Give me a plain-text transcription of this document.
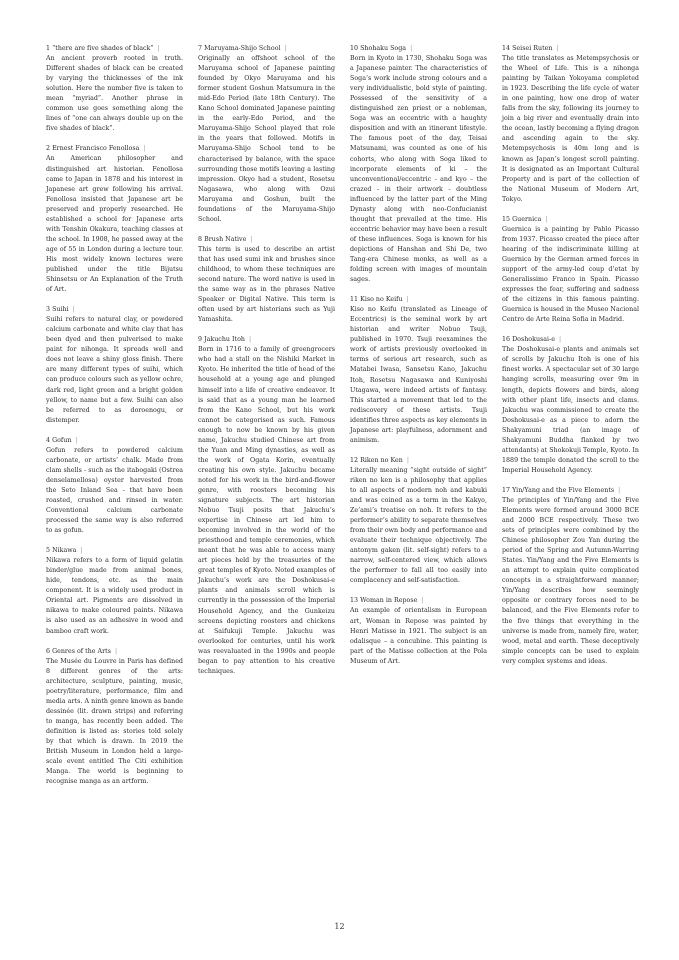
1 “there are five shades of black” |
An ancient proverb rooted in truth. Different shades of black can be created by varying the thicknesses of the ink solution. Here the number five is taken to mean “myriad”. Another phrase in common use goes something along the lines of “one can always double up on the five shades of black”.
2 Ernest Francisco Fenollosa |
An American philosopher and distinguished art historian. Fenollosa came to Japan in 1878 and his interest in Japanese art grew following his arrival. Fenollosa insisted that Japanese art be preserved and properly researched. He established a school for Japanese arts with Tenshin Okakura, teaching classes at the school. In 1908, he passed away at the age of 55 in London during a lecture tour. His most widely known lectures were published under the title Bijutsu Shinsetsu or An Explanation of the Truth of Art.
3 Suihi |
Suihi refers to natural clay, or powdered calcium carbonate and white clay that has been dyed and then pulverised to make paint for nihonga. It spreads well and does not leave a shiny gloss finish. There are many different types of suihi, which can produce colours such as yellow ochre, dark red, light green and a bright golden yellow, to name but a few. Suihi can also be referred to as doroenogu, or distemper.
4 Gofun |
Gofun refers to powdered calcium carbonate, or artists’ chalk. Made from clam shells - such as the itabogaki (Ostrea denselamellosa) oyster harvested from the Seto Inland Sea - that have been roasted, crushed and rinsed in water. Conventional calcium carbonate processed the same way is also referred to as gofun.
5 Nikawa |
Nikawa refers to a form of liquid gelatin binder/glue made from animal bones, hide, tendons, etc. as the main component. It is a widely used product in Oriental art. Pigments are dissolved in nikawa to make coloured paints. Nikawa is also used as an adhesive in wood and bamboo craft work.
6 Genres of the Arts |
The Musée du Louvre in Paris has defined 8 different genres of the arts: architecture, sculpture, painting, music, poetry/literature, performance, film and media arts. A ninth genre known as bande dessinée (lit. drawn strips) and referring to manga, has recently been added. The definition is listed as: stories told solely by that which is drawn. In 2019 the British Museum in London held a large-scale event entitled The Citi exhibition Manga. The world is beginning to recognise manga as an artform.
7 Maruyama-Shijo School |
Originally an offshoot school of the Maruyama school of Japanese painting founded by Okyo Maruyama and his former student Goshun Matsumura in the mid-Edo Period (late 18th Century). The Kano School dominated Japanese painting in the early-Edo Period, and the Maruyama-Shijo School played that role in the years that followed. Motifs in Maruyama-Shijo School tend to be characterised by balance, with the space surrounding those motifs leaving a lasting impression. Okyo had a student, Rosetsu Nagasawa, who along with Ozui Maruyama and Goshun, built the foundations of the Maruyama-Shijo School.
8 Brush Native |
This term is used to describe an artist that has used sumi ink and brushes since childhood, to whom these techniques are second nature. The word native is used in the same way as in the phrases Native Speaker or Digital Native. This term is often used by art historians such as Yuji Yamashita.
9 Jakuchu Itoh |
Born in 1716 to a family of greengrocers who had a stall on the Nishiki Market in Kyoto. He inherited the title of head of the household at a young age and plunged himself into a life of creative endeavor. It is said that as a young man he learned from the Kano School, but his work cannot be categorised as such. Famous enough to now be known by his given name, Jakuchu studied Chinese art from the Yuan and Ming dynasties, as well as the work of Ogata Korin, eventually creating his own style. Jakuchu became noted for his work in the bird-and-flower genre, with roosters becoming his signature subjects. The art historian Nobuo Tsuji posits that Jakuchu’s expertise in Chinese art led him to becoming involved in the world of the priesthood and temple ceremonies, which meant that he was able to access many art pieces held by the treasuries of the great temples of Kyoto. Noted examples of Jakuchu’s work are the Doshokusai-e plants and animals scroll which is currently in the possession of the Imperial Household Agency, and the Gunkeizu screens depicting roosters and chickens at Saifukuji Temple. Jakuchu was overlooked for centuries, until his work was reevaluated in the 1990s and people began to pay attention to his creative techniques.
10 Shohaku Soga |
Born in Kyoto in 1730, Shohaku Soga was a Japanese painter. The characteristics of Soga’s work include strong colours and a very individualistic, bold style of painting. Possessed of the sensitivity of a distinguished zen priest or a nobleman, Soga was an eccentric with a haughty disposition and with an itinerant lifestyle. The famous poet of the day, Teisai Matsunami, was counted as one of his cohorts, who along with Soga liked to incorporate elements of ki – the unconventional/eccentric - and kyo – the crazed - in their artwork - doubtless influenced by the latter part of the Ming Dynasty along with neo-Confucianist thought that prevailed at the time. His eccentric behavior may have been a result of these influences. Soga is known for his depictions of Hanshan and Shi De, two Tang-era Chinese monks, as well as a folding screen with images of mountain sages.
11 Kiso no Keifu |
Kiso no Keifu (translated as Lineage of Eccentrics) is the seminal work by art historian and writer Nobuo Tsuji, published in 1970. Tsuji reexamines the work of artists previously overlooked in terms of serious art research, such as Matabei Iwasa, Sansetsu Kano, Jakuchu Itoh, Rosetsu Nagasawa and Kuniyoshi Utagawa, were indeed artists of fantasy. This started a movement that led to the rediscovery of these artists. Tsuji identifies three aspects as key elements in Japanese art: playfulness, adornment and animism.
12 Riken no Ken |
Literally meaning “sight outside of sight” riken no ken is a philosophy that applies to all aspects of modern noh and kabuki and was coined as a term in the Kakyo, Ze’ami’s treatise on noh. It refers to the performer’s ability to separate themselves from their own body and performance and evaluate their technique objectively. The antonym gaken (lit. self-sight) refers to a narrow, self-centered view, which allows the performer to fall all too easily into complacency and self-satisfaction.
13 Woman in Repose |
An example of orientalism in European art, Woman in Repose was painted by Henri Matisse in 1921. The subject is an odalisque – a concubine. This painting is part of the Matisse collection at the Pola Museum of Art.
14 Seisei Ruten |
The title translates as Metempsychosis or the Wheel of Life. This is a nihonga painting by Taikan Yokoyama completed in 1923. Describing the life cycle of water in one painting, how one drop of water falls from the sky, following its journey to join a big river and eventually drain into the ocean, lastly becoming a flying dragon and ascending again to the sky. Metempsychosis is 40m long and is known as Japan’s longest scroll painting. It is designated as an Important Cultural Property and is part of the collection of the National Museum of Modern Art, Tokyo.
15 Guernica |
Guernica is a painting by Pablo Picasso from 1937. Picasso created the piece after hearing of the indiscriminate killing at Guernica by the German armed forces in support of the army-led coup d’etat by Generalissimo Franco in Spain. Picasso expresses the fear, suffering and sadness of the citizens in this famous painting. Guernica is housed in the Museo Nacional Centro de Arte Reina Sofia in Madrid.
16 Doshokusai-e |
The Doshokusai-e plants and animals set of scrolls by Jakuchu Itoh is one of his finest works. A spectacular set of 30 large hanging scrolls, measuring over 9m in length, depicts flowers and birds, along with other plant life, insects and clams. Jakuchu was commissioned to create the Doshokusai-e as a piece to adorn the Shakyamuni triad (an image of Shakyamuni Buddha flanked by two attendants) at Shokokuji Temple, Kyoto. In 1889 the temple donated the scroll to the Imperial Household Agency.
17 Yin/Yang and the Five Elements |
The principles of Yin/Yang and the Five Elements were formed around 3000 BCE and 2000 BCE respectively. These two sets of principles were combined by the Chinese philosopher Zou Yan during the period of the Spring and Autumn-Warring States. Yin/Yang and the Five Elements is an attempt to explain quite complicated concepts in a straightforward manner; Yin/Yang describes how seemingly opposite or contrary forces need to be balanced, and the Five Elements refer to the five things that everything in the universe is made from, namely fire, water, wood, metal and earth. These deceptively simple concepts can be used to explain very complex systems and ideas.
12
